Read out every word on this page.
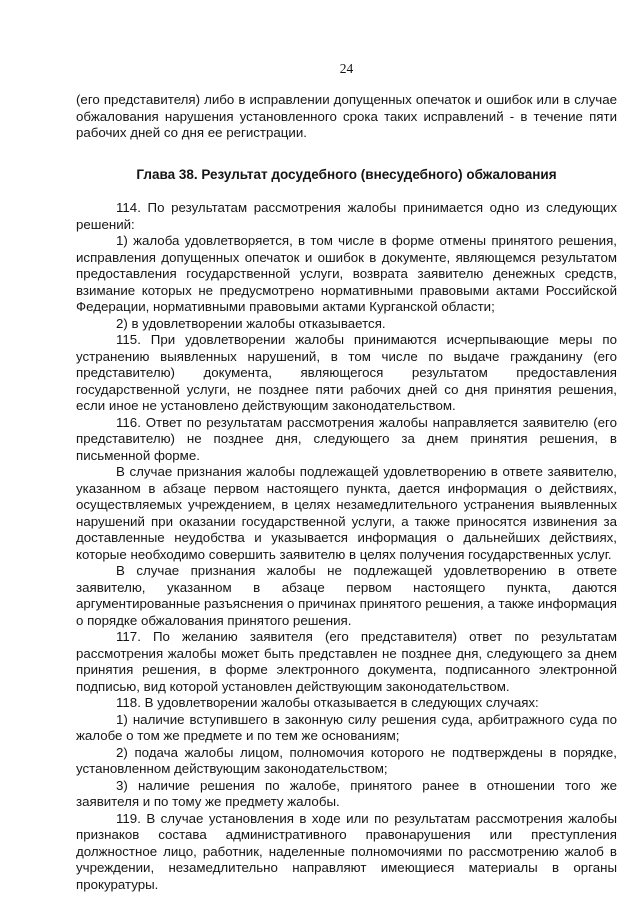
24

(его представителя) либо в исправлении допущенных опечаток и ошибок или в случае обжалования нарушения установленного срока таких исправлений - в течение пяти рабочих дней со дня ее регистрации.

Глава 38. Результат досудебного (внесудебного) обжалования

114. По результатам рассмотрения жалобы принимается одно из следующих решений:

1) жалоба удовлетворяется, в том числе в форме отмены принятого решения, исправления допущенных опечаток и ошибок в документе, являющемся результатом предоставления государственной услуги, возврата заявителю денежных средств, взимание которых не предусмотрено нормативными правовыми актами Российской Федерации, нормативными правовыми актами Курганской области;

2) в удовлетворении жалобы отказывается.

115. При удовлетворении жалобы принимаются исчерпывающие меры по устранению выявленных нарушений, в том числе по выдаче гражданину (его представителю) документа, являющегося результатом предоставления государственной услуги, не позднее пяти рабочих дней со дня принятия решения, если иное не установлено действующим законодательством.

116. Ответ по результатам рассмотрения жалобы направляется заявителю (его представителю) не позднее дня, следующего за днем принятия решения, в письменной форме.

В случае признания жалобы подлежащей удовлетворению в ответе заявителю, указанном в абзаце первом настоящего пункта, дается информация о действиях, осуществляемых учреждением, в целях незамедлительного устранения выявленных нарушений при оказании государственной услуги, а также приносятся извинения за доставленные неудобства и указывается информация о дальнейших действиях, которые необходимо совершить заявителю в целях получения государственных услуг.

В случае признания жалобы не подлежащей удовлетворению в ответе заявителю, указанном в абзаце первом настоящего пункта, даются аргументированные разъяснения о причинах принятого решения, а также информация о порядке обжалования принятого решения.

117. По желанию заявителя (его представителя) ответ по результатам рассмотрения жалобы может быть представлен не позднее дня, следующего за днем принятия решения, в форме электронного документа, подписанного электронной подписью, вид которой установлен действующим законодательством.

118. В удовлетворении жалобы отказывается в следующих случаях:

1) наличие вступившего в законную силу решения суда, арбитражного суда по жалобе о том же предмете и по тем же основаниям;

2) подача жалобы лицом, полномочия которого не подтверждены в порядке, установленном действующим законодательством;

3) наличие решения по жалобе, принятого ранее в отношении того же заявителя и по тому же предмету жалобы.

119. В случае установления в ходе или по результатам рассмотрения жалобы признаков состава административного правонарушения или преступления должностное лицо, работник, наделенные полномочиями по рассмотрению жалоб в учреждении, незамедлительно направляют имеющиеся материалы в органы прокуратуры.
